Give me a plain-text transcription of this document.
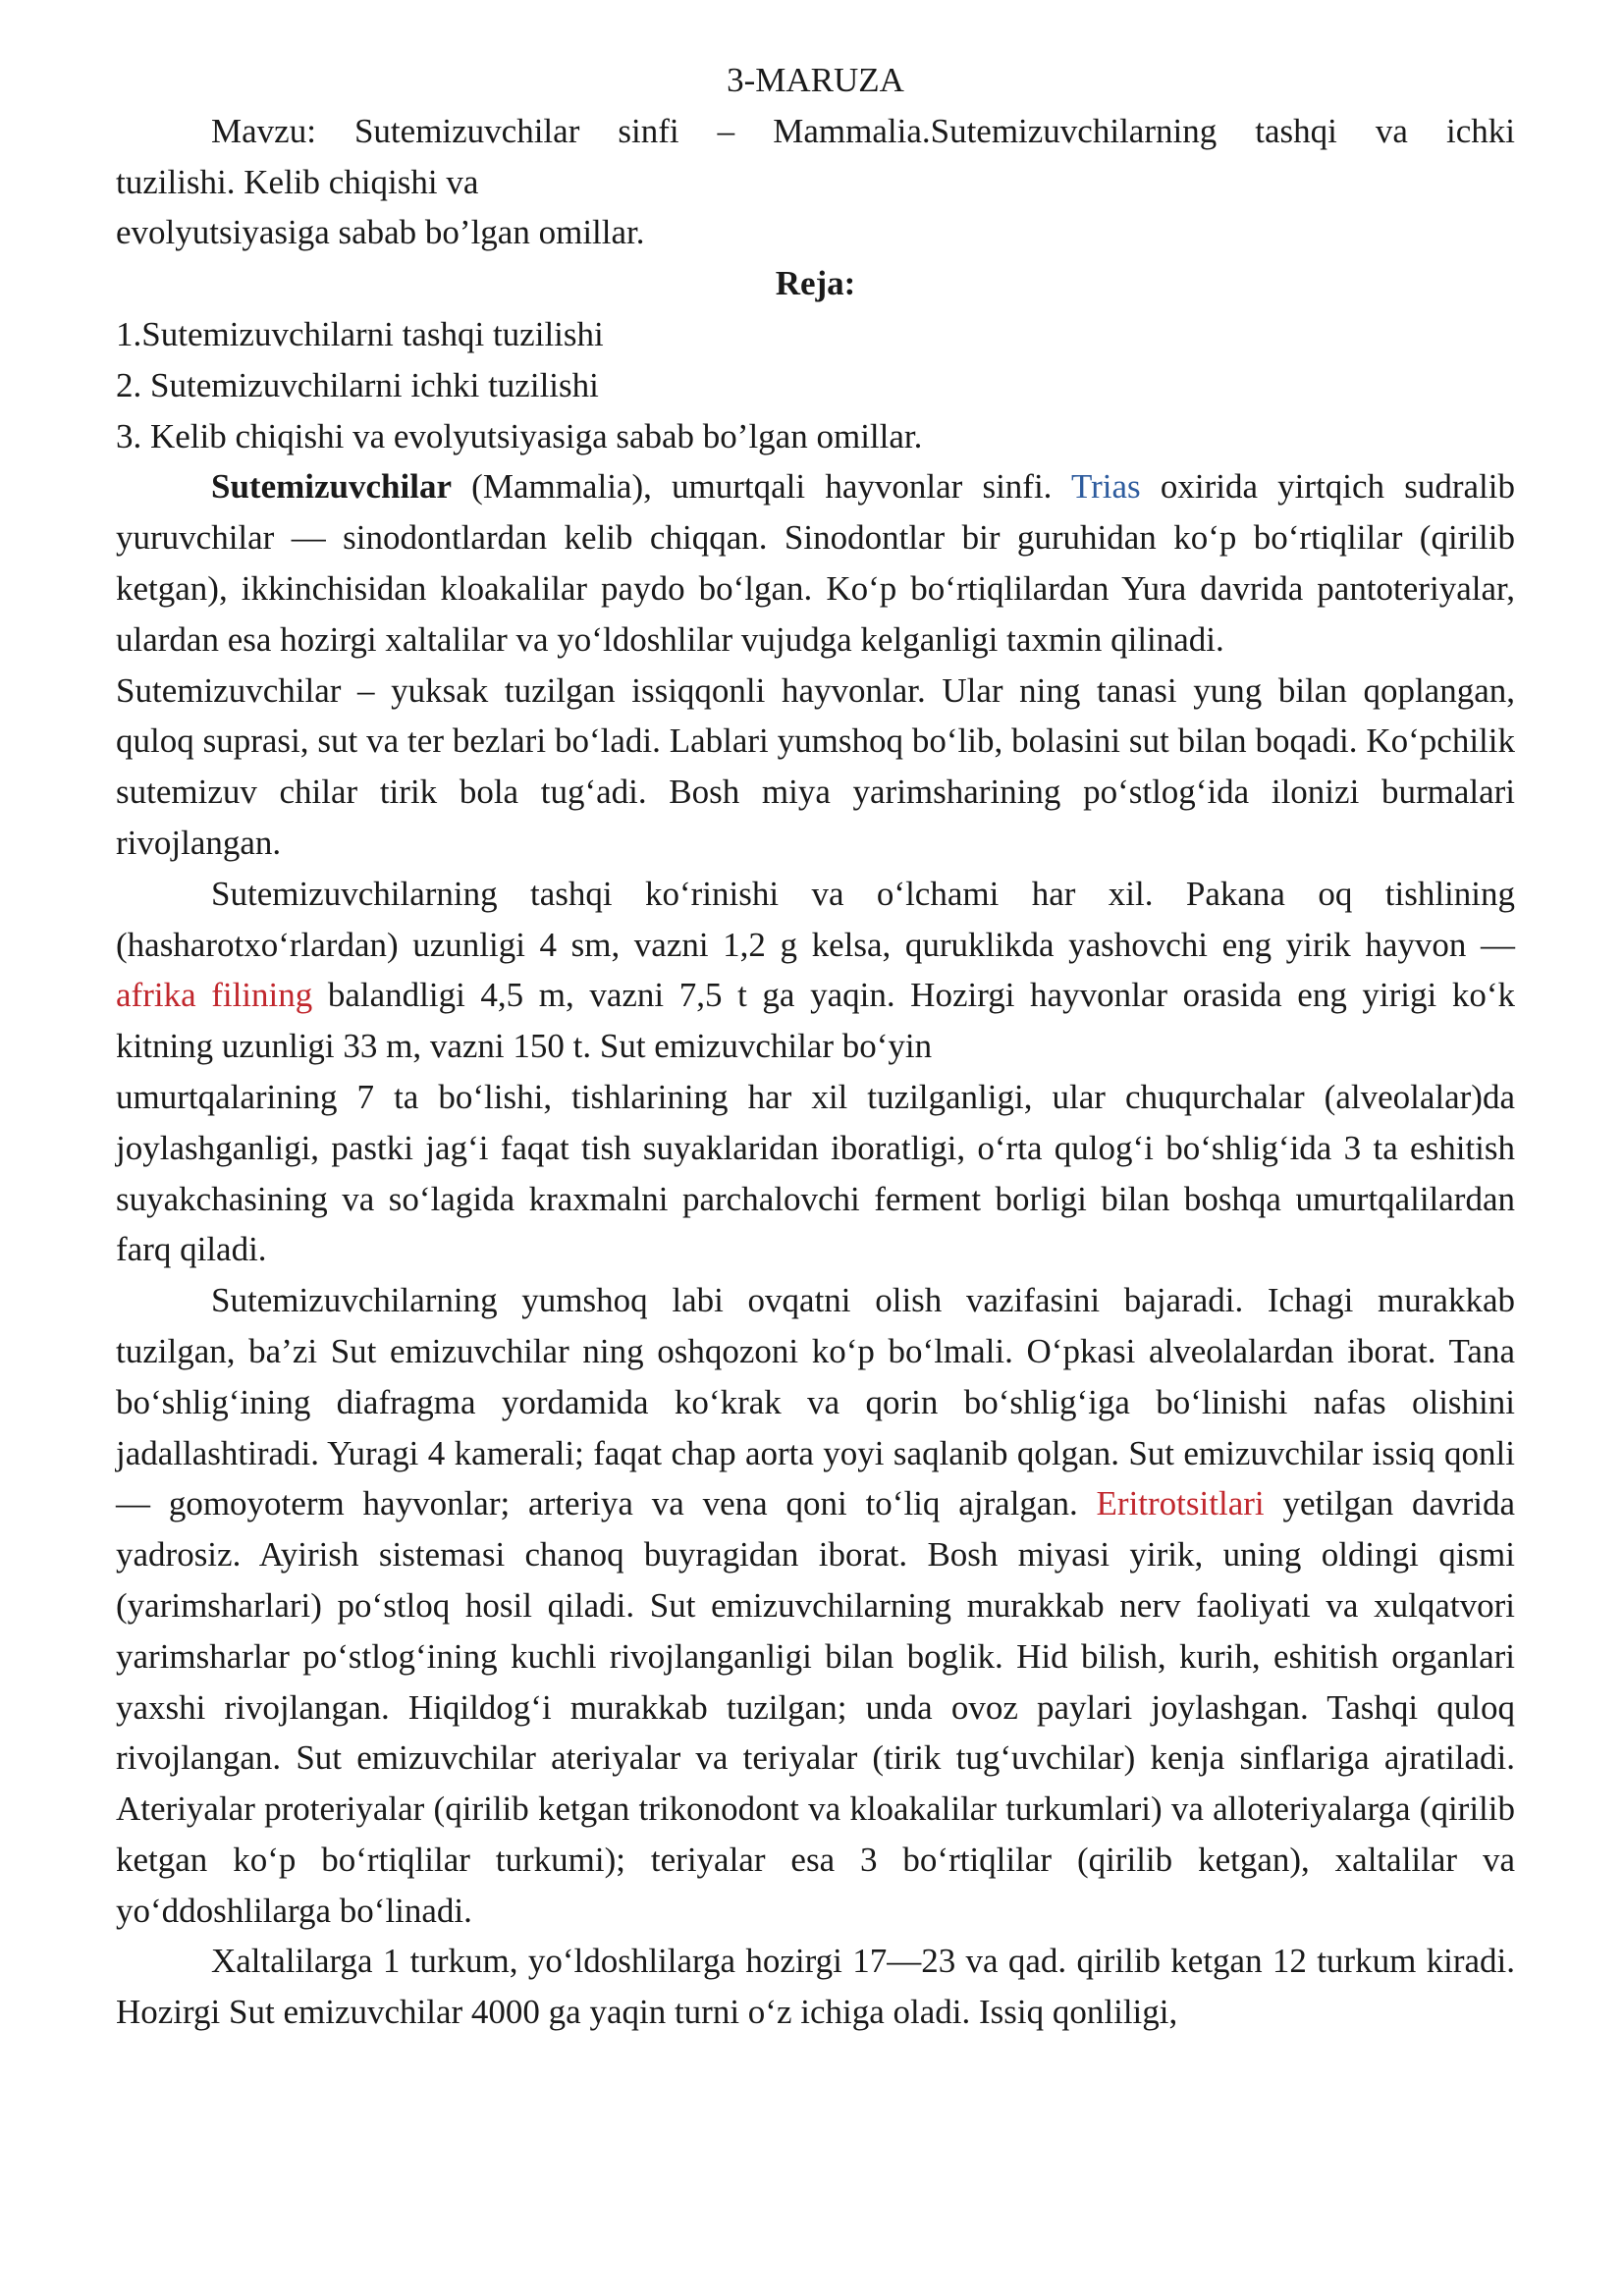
3-MARUZA

Mavzu: Sutemizuvchilar sinfi – Mammalia.Sutemizuvchilarning tashqi va ichki

tuzilishi. Kelib chiqishi va

evolyutsiyasiga sabab bo’lgan omillar.

Reja:

1.Sutemizuvchilarni tashqi tuzilishi

2. Sutemizuvchilarni ichki tuzilishi

3. Kelib chiqishi va evolyutsiyasiga sabab bo’lgan omillar.

Sutemizuvchilar (Mammalia), umurtqali hayvonlar sinfi. Trias oxirida yirtqich sudralib yuruvchilar — sinodontlardan kelib chiqqan. Sinodontlar bir guruhidan koʻp boʻrtiqlilar (qirilib ketgan), ikkinchisidan kloakalilar paydo boʻlgan. Koʻp boʻrtiqlilardan Yura davrida pantoteriyalar, ulardan esa hozirgi xaltalilar va yoʻldoshlilar vujudga kelganligi taxmin qilinadi.

Sutemizuvchilar – yuksak tuzilgan issiqqonli hayvonlar. Ular ning tanasi yung bilan qoplangan, quloq suprasi, sut va ter bezlari boʻladi. Lablari yumshoq boʻlib, bolasini sut bilan boqadi. Koʻpchilik sutemizuv chilar tirik bola tugʻadi. Bosh miya yarimsharining poʻstlogʻida ilonizi burmalari rivojlangan.

Sutemizuvchilarning tashqi koʻrinishi va oʻlchami har xil. Pakana oq tishlining (hasharotxoʻrlardan) uzunligi 4 sm, vazni 1,2 g kelsa, quruklikda yashovchi eng yirik hayvon — afrika filining balandligi 4,5 m, vazni 7,5 t ga yaqin. Hozirgi hayvonlar orasida eng yirigi koʻk kitning uzunligi 33 m, vazni 150 t. Sut emizuvchilar boʻyin

umurtqalarining 7 ta boʻlishi, tishlarining har xil tuzilganligi, ular chuqurchalar (alveolalar)da joylashganligi, pastki jagʻi faqat tish suyaklaridan iboratligi, oʻrta qulogʻi boʻshligʻida 3 ta eshitish suyakchasining va soʻlagida kraxmalni parchalovchi ferment borligi bilan boshqa umurtqalilardan farq qiladi.

Sutemizuvchilarning yumshoq labi ovqatni olish vazifasini bajaradi. Ichagi murakkab tuzilgan, ba’zi Sut emizuvchilar ning oshqozoni koʻp boʻlmali. Oʻpkasi alveolalardan iborat. Tana boʻshligʻining diafragma yordamida koʻkrak va qorin boʻshligʻiga boʻlinishi nafas olishini jadallashtiradi. Yuragi 4 kamerali; faqat chap aorta yoyi saqlanib qolgan. Sut emizuvchilar issiq qonli — gomoyoterm hayvonlar; arteriya va vena qoni toʻliq ajralgan. Eritrotsitlari yetilgan davrida yadrosiz. Ayirish sistemasi chanoq buyragidan iborat. Bosh miyasi yirik, uning oldingi qismi (yarimsharlari) poʻstloq hosil qiladi. Sut emizuvchilarning murakkab nerv faoliyati va xulqatvori yarimsharlar poʻstlogʻining kuchli rivojlanganligi bilan boglik. Hid bilish, kurih, eshitish organlari yaxshi rivojlangan. Hiqildogʻi murakkab tuzilgan; unda ovoz paylari joylashgan. Tashqi quloq rivojlangan. Sut emizuvchilar ateriyalar va teriyalar (tirik tugʻuvchilar) kenja sinflariga ajratiladi. Ateriyalar proteriyalar (qirilib ketgan trikonodont va kloakalilar turkumlari) va alloteriyalarga (qirilib ketgan koʻp boʻrtiqlilar turkumi); teriyalar esa 3 boʻrtiqlilar (qirilib ketgan), xaltalilar va yoʻddoshlilarga boʻlinadi.

Xaltalilarga 1 turkum, yoʻldoshlilarga hozirgi 17—23 va qad. qirilib ketgan 12 turkum kiradi. Hozirgi Sut emizuvchilar 4000 ga yaqin turni oʻz ichiga oladi. Issiq qonliligi,
